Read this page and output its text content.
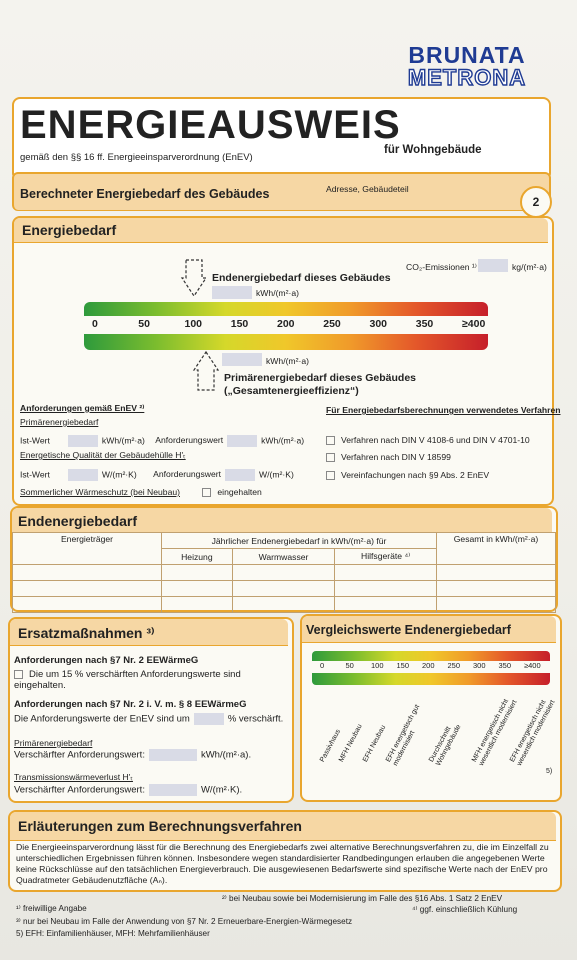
BRUNATA
METRONA
ENERGIEAUSWEIS
gemäß den §§ 16 ff. Energieeinsparverordnung (EnEV)
für Wohngebäude
Berechneter Energiebedarf des Gebäudes	Adresse, Gebäudeteil
2
Energiebedarf
CO₂-Emissionen ¹⁾	kg/(m²·a)
Endenergiebedarf dieses Gebäudes
kWh/(m²·a)
0	50	100	150	200	250	300	350	≥400
kWh/(m²·a)
Primärenergiebedarf dieses Gebäudes
(„Gesamtenergieeffizienz“)
Anforderungen gemäß EnEV ²⁾
Primärenergiebedarf
Ist-Wert	kWh/(m²·a) Anforderungswert	kWh/(m²·a)
Energetische Qualität der Gebäudehülle H'ₜ
Ist-Wert	W/(m²·K) Anforderungswert	W/(m²·K)
Sommerlicher Wärmeschutz (bei Neubau)	eingehalten
Für Energiebedarfsberechnungen verwendetes Verfahren
Verfahren nach DIN V 4108-6 und DIN V 4701-10
Verfahren nach DIN V 18599
Vereinfachungen nach §9 Abs. 2 EnEV
Endenergiebedarf
Energieträger	Jährlicher Endenergiebedarf in kWh/(m²·a) für			Gesamt in kWh/(m²·a)
	Heizung	Warmwasser	Hilfsgeräte ⁴⁾	

Ersatzmaßnahmen ³⁾
Anforderungen nach §7 Nr. 2 EEWärmeG
Die um 15 % verschärften Anforderungswerte sind eingehalten.
Anforderungen nach §7 Nr. 2 i. V. m. § 8 EEWärmeG
Die Anforderungswerte der EnEV sind um	% verschärft.
Primärenergiebedarf
Verschärfter Anforderungswert:	kWh/(m²·a).
Transmissionswärmeverlust H'ₜ
Verschärfter Anforderungswert:	W/(m²·K).
Vergleichswerte Endenergiebedarf
0	50 100 150 200 250 300 350 ≥400
Passivhaus
MFH Neubau
EFH Neubau
EFH energetisch gut modernisiert	Durchschnitt Wohngebäude	MFH energetisch nicht wesentlich modernisiert
EFH energetisch nicht wesentlich modernisiert
5)
Erläuterungen zum Berechnungsverfahren
Die Energieeinsparverordnung lässt für die Berechnung des Energiebedarfs zwei alternative Berechnungsverfahren zu, die im Einzelfall zu unterschiedlichen Ergebnissen führen können. Insbesondere wegen standardisierter Randbedingungen erlauben die angegebenen Werte keine Rückschlüsse auf den tatsächlichen Energieverbrauch. Die ausgewiesenen Bedarfswerte sind spezifische Werte nach der EnEV pro Quadratmeter Gebäudenutzfläche (Aₙ).
¹⁾ freiwillige Angabe
²⁾ bei Neubau sowie bei Modernisierung im Falle des §16 Abs. 1 Satz 2 EnEV
³⁾ nur bei Neubau im Falle der Anwendung von §7 Nr. 2 Erneuerbare-Energien-Wärmegesetz
⁴⁾ ggf. einschließlich Kühlung
5) EFH: Einfamilienhäuser, MFH: Mehrfamilienhäuser
